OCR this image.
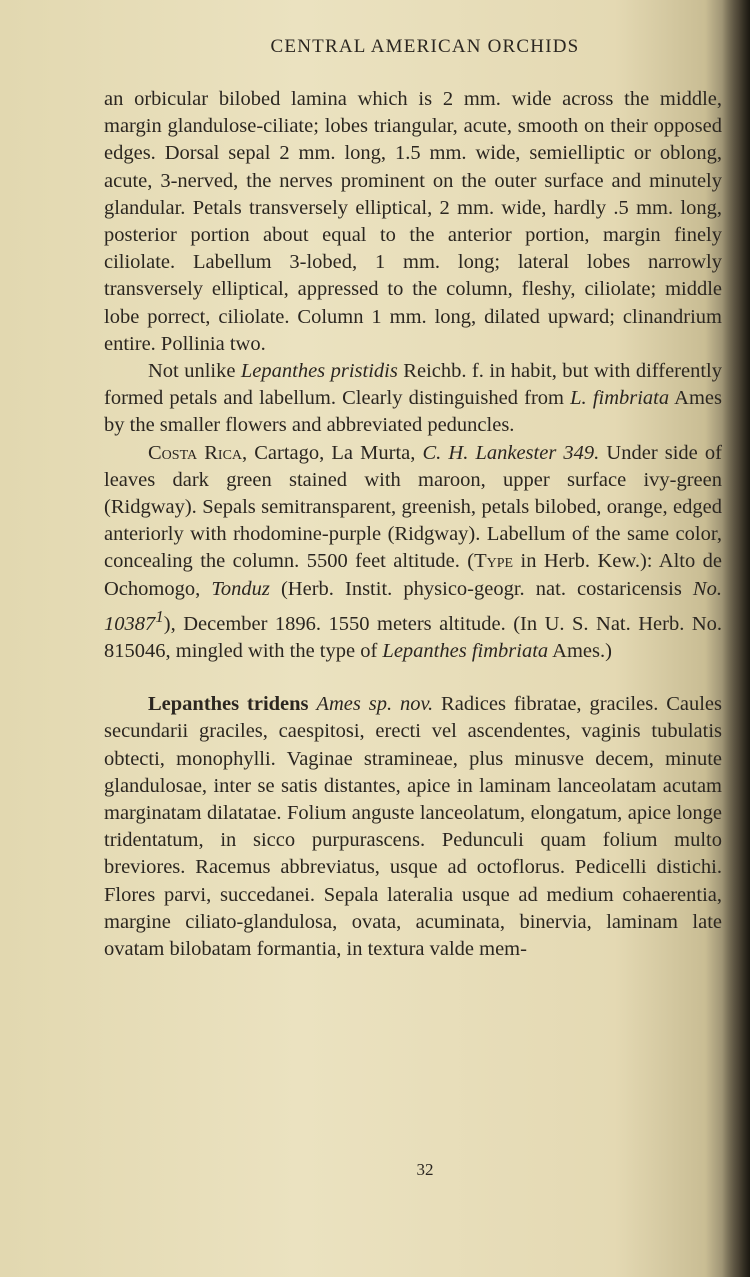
CENTRAL AMERICAN ORCHIDS

an orbicular bilobed lamina which is 2 mm. wide across the middle, margin glandulose-ciliate; lobes triangular, acute, smooth on their opposed edges. Dorsal sepal 2 mm. long, 1.5 mm. wide, semielliptic or oblong, acute, 3-nerved, the nerves prominent on the outer surface and minutely glandular. Petals transversely elliptical, 2 mm. wide, hardly .5 mm. long, posterior portion about equal to the anterior portion, margin finely ciliolate. Labellum 3-lobed, 1 mm. long; lateral lobes narrowly transversely elliptical, appressed to the column, fleshy, ciliolate; middle lobe porrect, ciliolate. Column 1 mm. long, dilated upward; clinandrium entire. Pollinia two.

Not unlike Lepanthes pristidis Reichb. f. in habit, but with differently formed petals and labellum. Clearly distinguished from L. fimbriata Ames by the smaller flowers and abbreviated peduncles.

Costa Rica, Cartago, La Murta, C. H. Lankester 349. Under side of leaves dark green stained with maroon, upper surface ivy-green (Ridgway). Sepals semitransparent, greenish, petals bilobed, orange, edged anteriorly with rhodomine-purple (Ridgway). Labellum of the same color, concealing the column. 5500 feet altitude. (Type in Herb. Kew.): Alto de Ochomogo, Tonduz (Herb. Instit. physico-geogr. nat. costaricensis No. 10387$^1$), December 1896. 1550 meters altitude. (In U. S. Nat. Herb. No. 815046, mingled with the type of Lepanthes fimbriata Ames.)

Lepanthes tridens Ames sp. nov. Radices fibratae, graciles. Caules secundarii graciles, caespitosi, erecti vel ascendentes, vaginis tubulatis obtecti, monophylli. Vaginae stramineae, plus minusve decem, minute glandulosae, inter se satis distantes, apice in laminam lanceolatam acutam marginatam dilatatae. Folium anguste lanceolatum, elongatum, apice longe tridentatum, in sicco purpurascens. Pedunculi quam folium multo breviores. Racemus abbreviatus, usque ad octoflorus. Pedicelli distichi. Flores parvi, succedanei. Sepala lateralia usque ad medium cohaerentia, margine ciliato-glandulosa, ovata, acuminata, binervia, laminam late ovatam bilobatam formantia, in textura valde mem-

32
